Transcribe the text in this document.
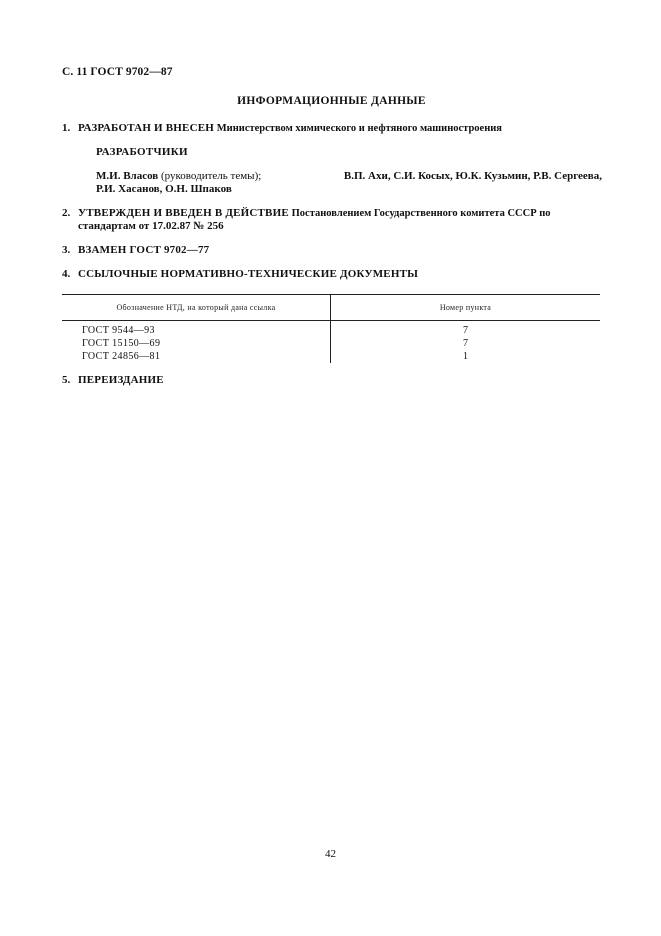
С. 11 ГОСТ 9702—87
ИНФОРМАЦИОННЫЕ ДАННЫЕ
1. РАЗРАБОТАН И ВНЕСЕН Министерством химического и нефтяного машиностроения
РАЗРАБОТЧИКИ
М.И. Власов (руководитель темы);	В.П. Ахи, С.И. Косых, Ю.К. Кузьмин, Р.В. Сергеева,
Р.И. Хасанов, О.Н. Шпаков
2. УТВЕРЖДЕН И ВВЕДЕН В ДЕЙСТВИЕ Постановлением Государственного комитета СССР по
стандартам от 17.02.87 № 256
3. ВЗАМЕН ГОСТ 9702—77
4. ССЫЛОЧНЫЕ НОРМАТИВНО-ТЕХНИЧЕСКИЕ ДОКУМЕНТЫ
Обозначение НТД, на который дана ссылка	Номер пункта
ГОСТ 9544—93	7
ГОСТ 15150—69	7
ГОСТ 24856—81	1
5. ПЕРЕИЗДАНИЕ
42
